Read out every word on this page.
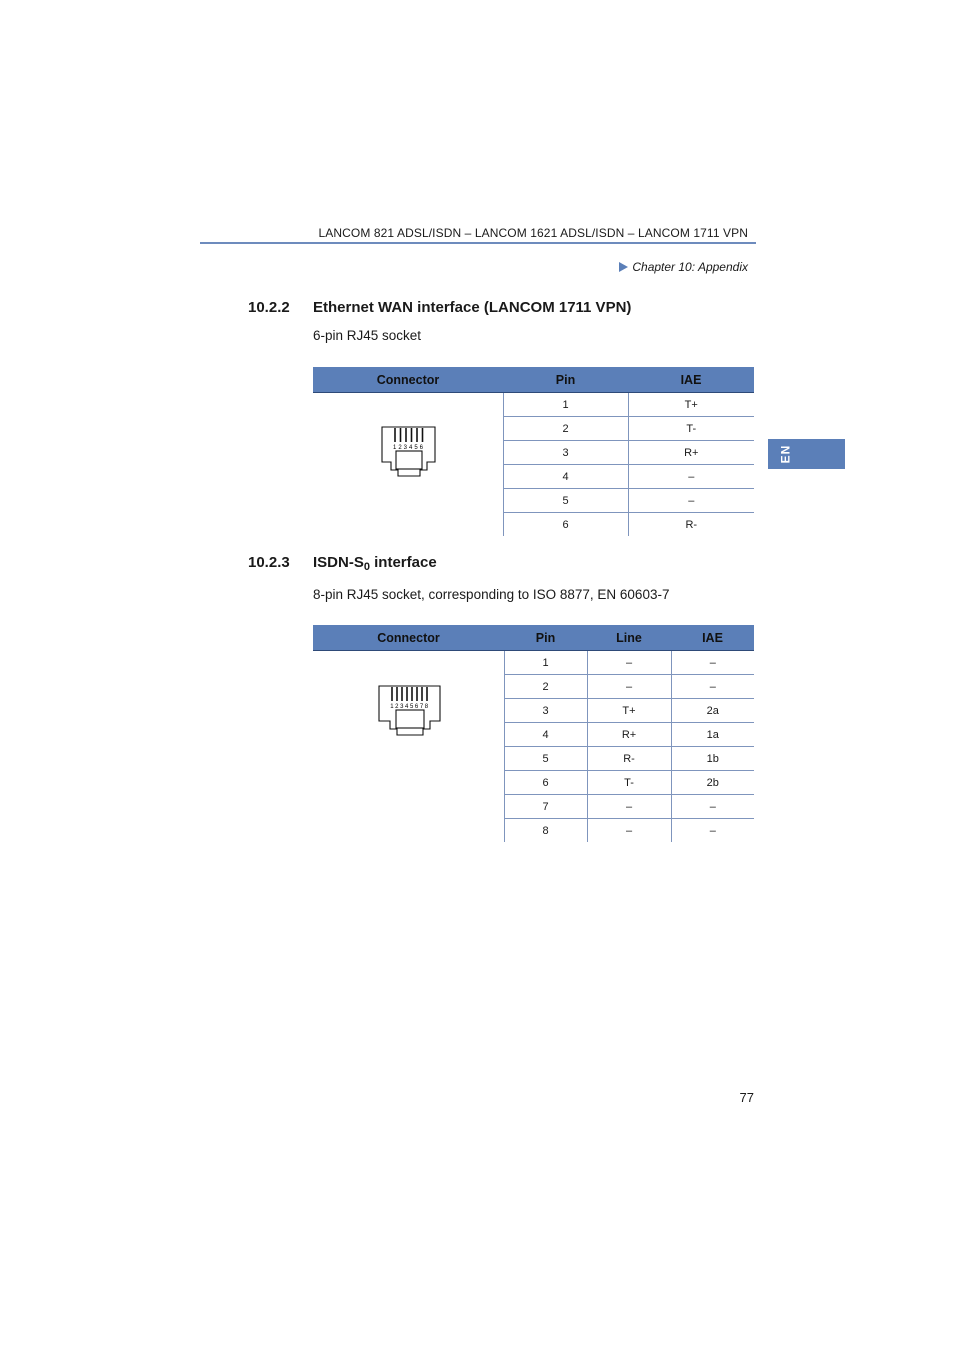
LANCOM 821 ADSL/ISDN – LANCOM 1621 ADSL/ISDN – LANCOM 1711 VPN
Chapter 10: Appendix
EN
10.2.2 Ethernet WAN interface (LANCOM 1711 VPN)
6-pin RJ45 socket
Connector	Pin	IAE

123456	1	T+
	2	T-
	3	R+
	4	–
	5	–
	6	R-
10.2.3 ISDN-$S_0$ interface
8-pin RJ45 socket, corresponding to ISO 8877, EN 60603-7
Connector	Pin	Line	IAE

12345678	1	–	–
	2	–	–
	3	T+	2a
	4	R+	1a
	5	R-	1b
	6	T-	2b
	7	–	–
	8	–	–
77
